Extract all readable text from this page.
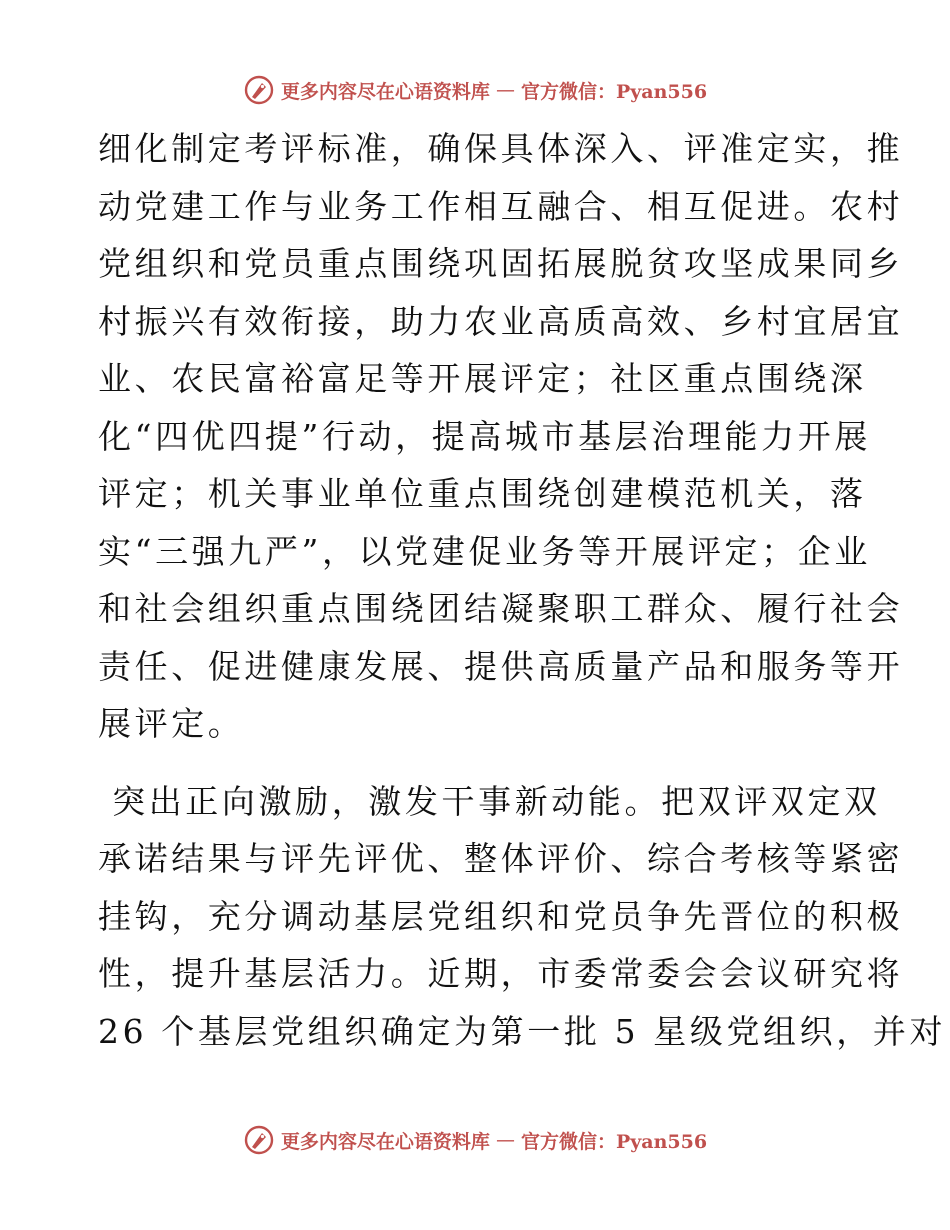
更多内容尽在心语资料库 — 官方微信：Pyan556
细化制定考评标准，确保具体深入、评准定实，推
动党建工作与业务工作相互融合、相互促进。农村
党组织和党员重点围绕巩固拓展脱贫攻坚成果同乡
村振兴有效衔接，助力农业高质高效、乡村宜居宜
业、农民富裕富足等开展评定；社区重点围绕深
化“四优四提”行动，提高城市基层治理能力开展
评定；机关事业单位重点围绕创建模范机关，落
实“三强九严”，以党建促业务等开展评定；企业
和社会组织重点围绕团结凝聚职工群众、履行社会
责任、促进健康发展、提供高质量产品和服务等开
展评定。
突出正向激励，激发干事新动能。把双评双定双
承诺结果与评先评优、整体评价、综合考核等紧密
挂钩，充分调动基层党组织和党员争先晋位的积极
性，提升基层活力。近期，市委常委会会议研究将
26 个基层党组织确定为第一批 5 星级党组织，并对
更多内容尽在心语资料库 — 官方微信：Pyan556
